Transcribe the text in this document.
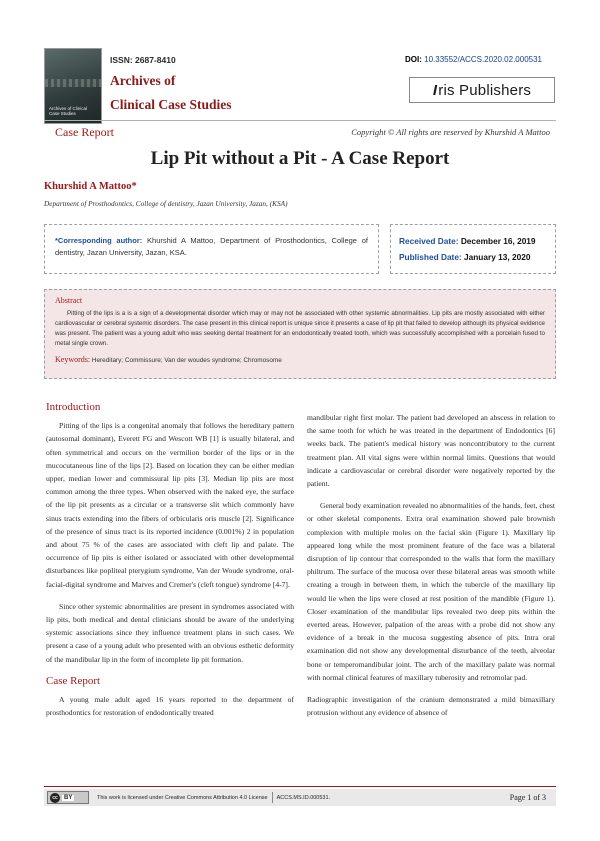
Archives of Clinical Case Studies
ISSN: 2687-8410
Archives of
Clinical Case Studies
DOI: 10.33552/ACCS.2020.02.000531
I ris Publishers
Case Report	Copyright © All rights are reserved by Khurshid A Mattoo
Lip Pit without a Pit - A Case Report
Khurshid A Mattoo*
Department of Prosthodontics, College of dentistry, Jazan University, Jazan, (KSA)
*Corresponding author: Khurshid A Mattoo, Department of Prosthodontics, College of dentistry, Jazan University, Jazan, KSA.
Received Date: December 16, 2019
Published Date: January 13, 2020
Abstract
Pitting of the lips is a is a sign of a developmental disorder which may or may not be associated with other systemic abnormalities. Lip pits are mostly associated with either cardiovascular or cerebral systemic disorders. The case present in this clinical report is unique since it presents a case of lip pit that failed to develop although its physical evidence was present. The patient was a young adult who was seeking dental treatment for an endodontically treated tooth, which was successfully accomplished with a porcelain fused to metal single crown.
Keywords: Hereditary; Commissure; Van der woudes syndrome; Chromosome
Introduction

Pitting of the lips is a congenital anomaly that follows the hereditary pattern (autosomal dominant), Everett FG and Wescott WB [1] is usually bilateral, and often symmetrical and occurs on the vermilion border of the lips or in the mucocutaneous line of the lips [2]. Based on location they can be either median upper, median lower and commissural lip pits [3]. Median lip pits are most common among the three types. When observed with the naked eye, the surface of the lip pit presents as a circular or a transverse slit which commonly have sinus tracts extending into the fibers of orbicularis oris muscle [2]. Significance of the presence of sinus tract is its reported incidence (0.001%) 2 in population and about 75 % of the cases are associated with cleft lip and palate. The occurrence of lip pits is either isolated or associated with other developmental disturbances like popliteal pterygium syndrome, Van der Woude syndrome, oral-facial-digital syndrome and Marves and Cremer's (cleft tongue) syndrome [4-7].

Since other systemic abnormalities are present in syndromes associated with lip pits, both medical and dental clinicians should be aware of the underlying systemic associations since they influence treatment plans in such cases. We present a case of a young adult who presented with an obvious esthetic deformity of the mandibular lip in the form of incomplete lip pit formation.

Case Report

A young male adult aged 16 years reported to the department of prosthodontics for restoration of endodontically treated

mandibular right first molar. The patient had developed an abscess in relation to the same tooth for which he was treated in the department of Endodontics [6] weeks back. The patient's medical history was noncontributory to the current treatment plan. All vital signs were within normal limits. Questions that would indicate a cardiovascular or cerebral disorder were negatively reported by the patient.

General body examination revealed no abnormalities of the hands, feet, chest or other skeletal components. Extra oral examination showed pale brownish complexion with multiple moles on the facial skin (Figure 1). Maxillary lip appeared long while the most prominent feature of the face was a bilateral disruption of lip contour that corresponded to the walls that form the maxillary philtrum. The surface of the mucosa over these bilateral areas was smooth while creating a trough in between them, in which the tubercle of the maxillary lip would lie when the lips were closed at rest position of the mandible (Figure 1). Closer examination of the mandibular lips revealed two deep pits within the everted areas. However, palpation of the areas with a probe did not show any evidence of a break in the mucosa suggesting absence of pits. Intra oral examination did not show any developmental disturbance of the teeth, alveolar bone or temperomandibular joint. The arch of the maxillary palate was normal with normal clinical features of maxillary tuberosity and retromolar pad.

Radiographic investigation of the cranium demonstrated a mild bimaxillary protrusion without any evidence of absence of

cc	BY	This work is licensed under Creative Commons Attribution 4.0 License ACCS.MS.ID.000531.	Page 1 of 3
